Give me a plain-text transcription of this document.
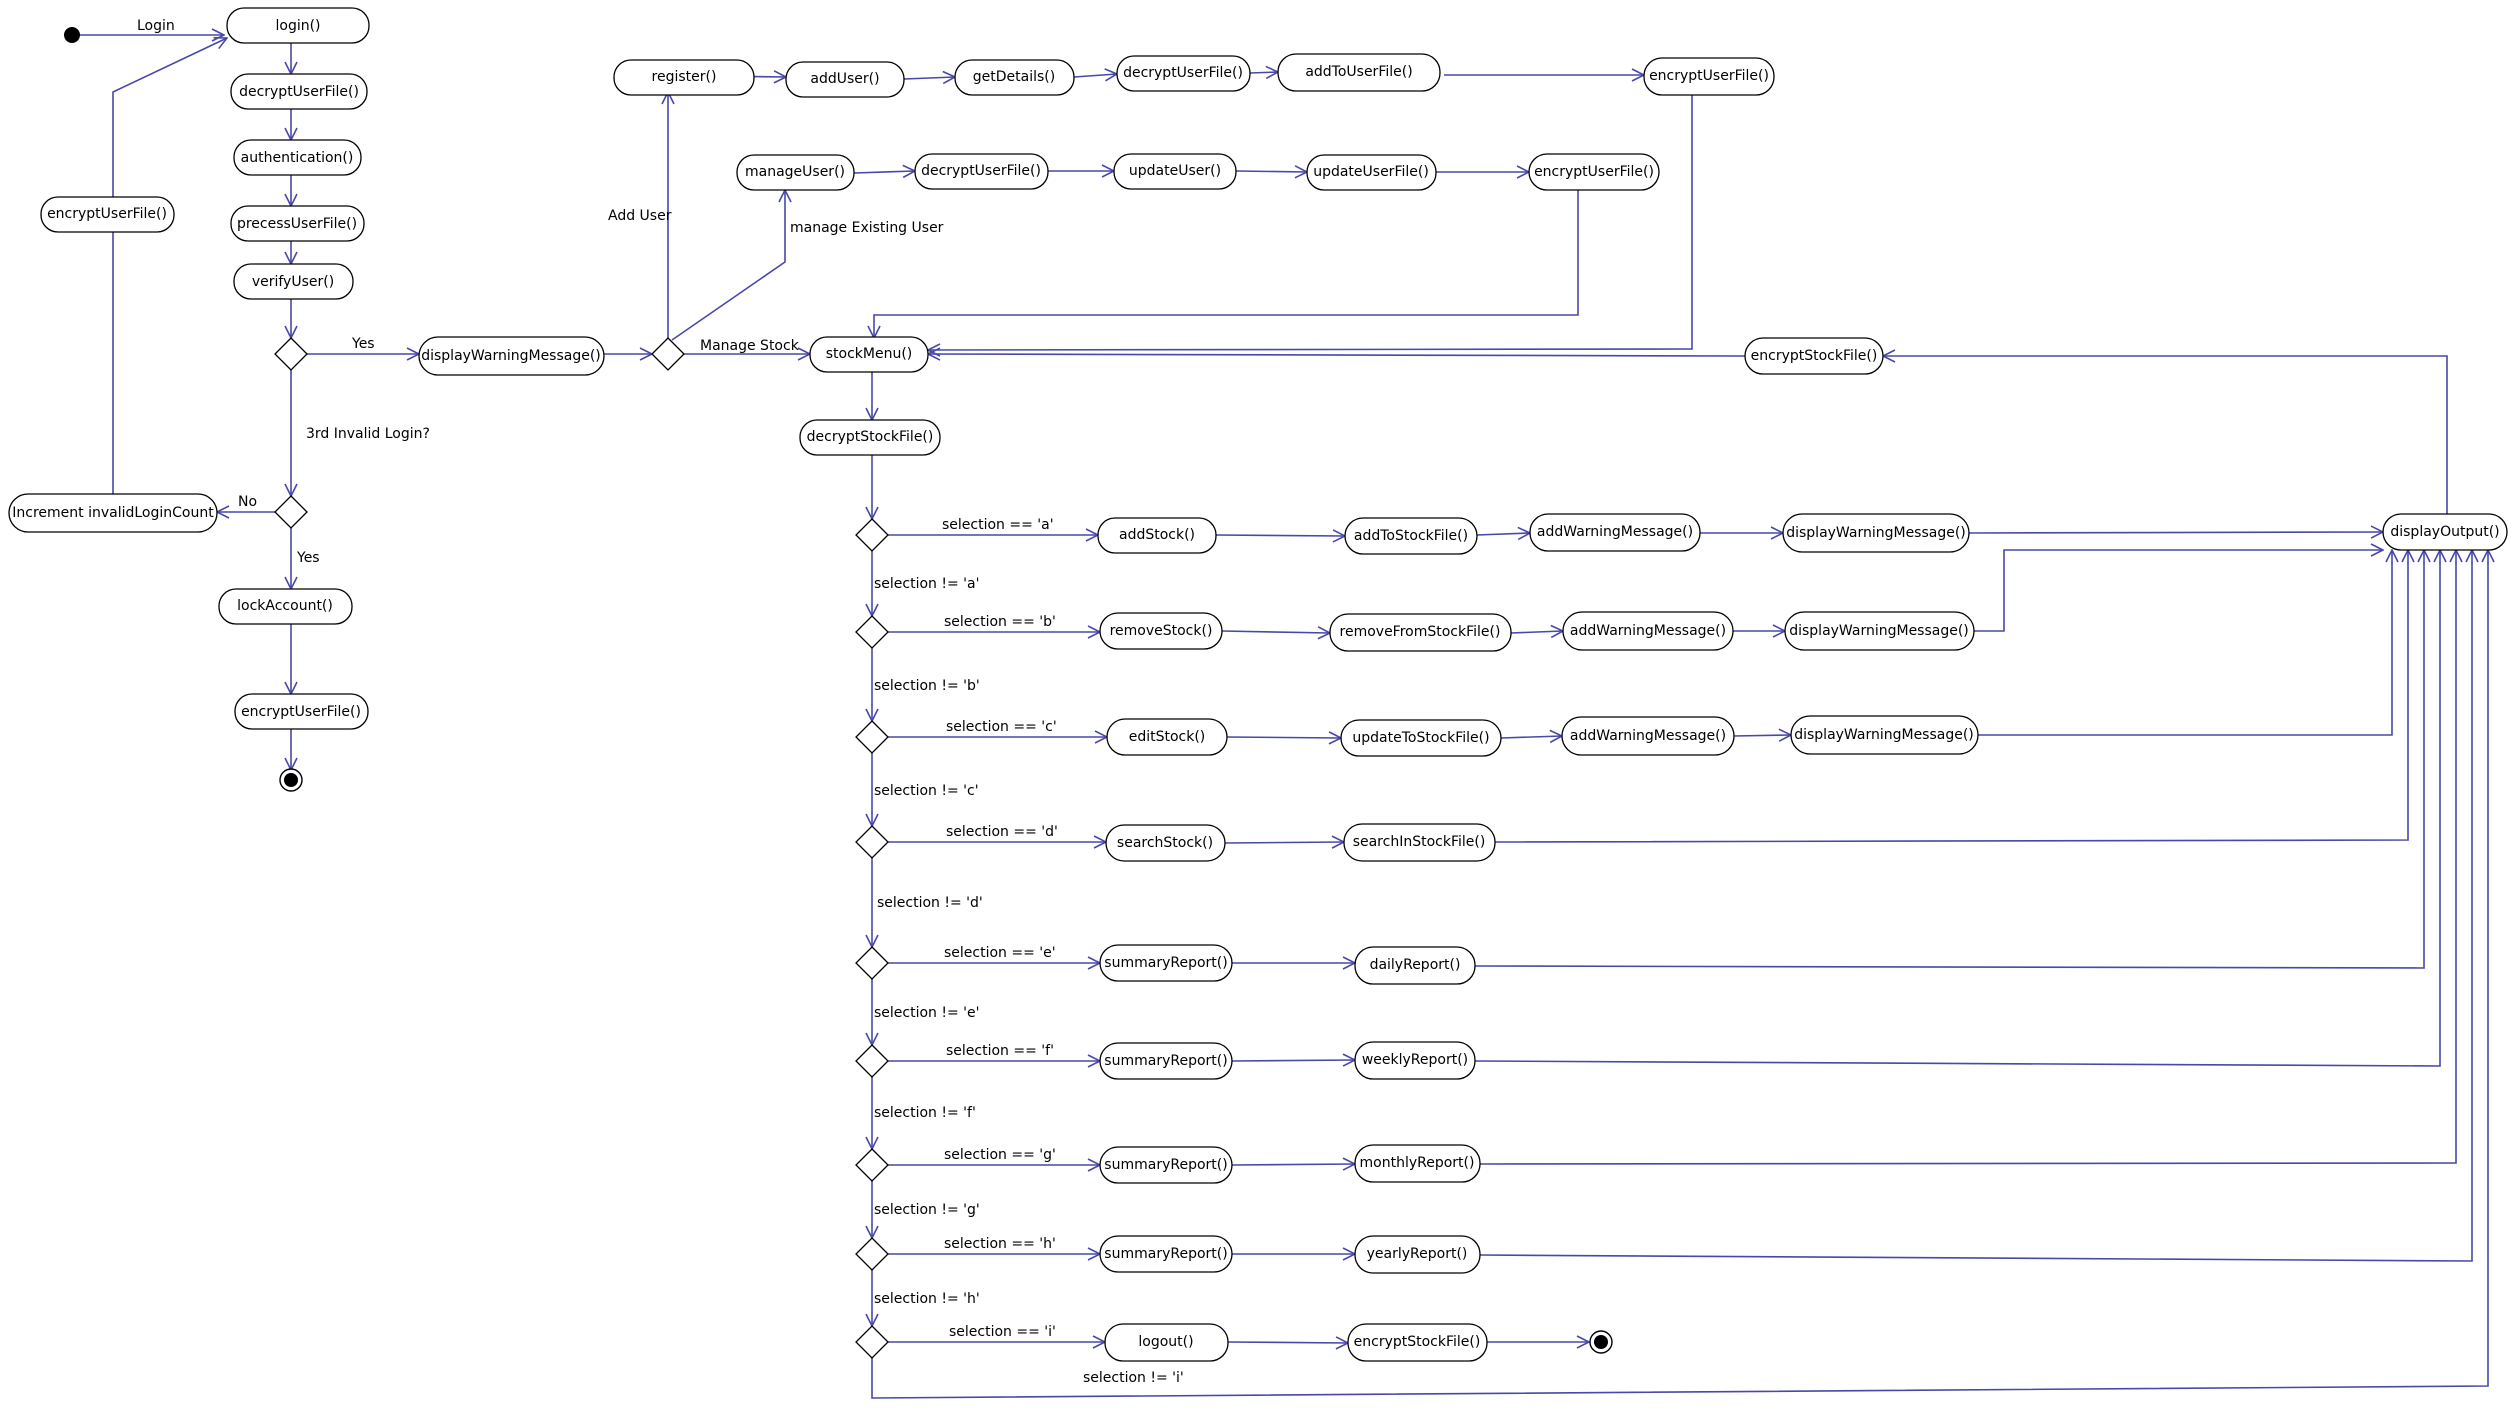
login()
decryptUserFile()
authentication()
precessUserFile()
verifyUser()
encryptUserFile()
Increment invalidLoginCount
lockAccount()
encryptUserFile()
displayWarningMessage()
register()	addUser()	getDetails()	decryptUserFile()	addToUserFile()	encryptUserFile()
manageUser()	decryptUserFile()	updateUser()	updateUserFile()	encryptUserFile()
stockMenu()	encryptStockFile()
decryptStockFile()
addStock()	addToStockFile()	addWarningMessage()	displayWarningMessage()	displayOutput()
removeStock()	removeFromStockFile()	addWarningMessage()	displayWarningMessage()
editStock()	updateToStockFile()	addWarningMessage()	displayWarningMessage()
searchStock()	searchInStockFile()
summaryReport()	dailyReport()
summaryReport()	weeklyReport()
summaryReport()	monthlyReport()
summaryReport()	yearlyReport()
logout()	encryptStockFile()
Login
Yes
3rd Invalid Login?
No
Yes
Add User
manage Existing User
Manage Stock
selection == 'a'
selection != 'a'
selection == 'b'
selection != 'b'
selection == 'c'
selection != 'c'
selection == 'd'
selection != 'd'
selection == 'e'
selection != 'e'
selection == 'f'
selection != 'f'
selection == 'g'
selection != 'g'
selection == 'h'
selection != 'h'
selection == 'i'
selection != 'i'
